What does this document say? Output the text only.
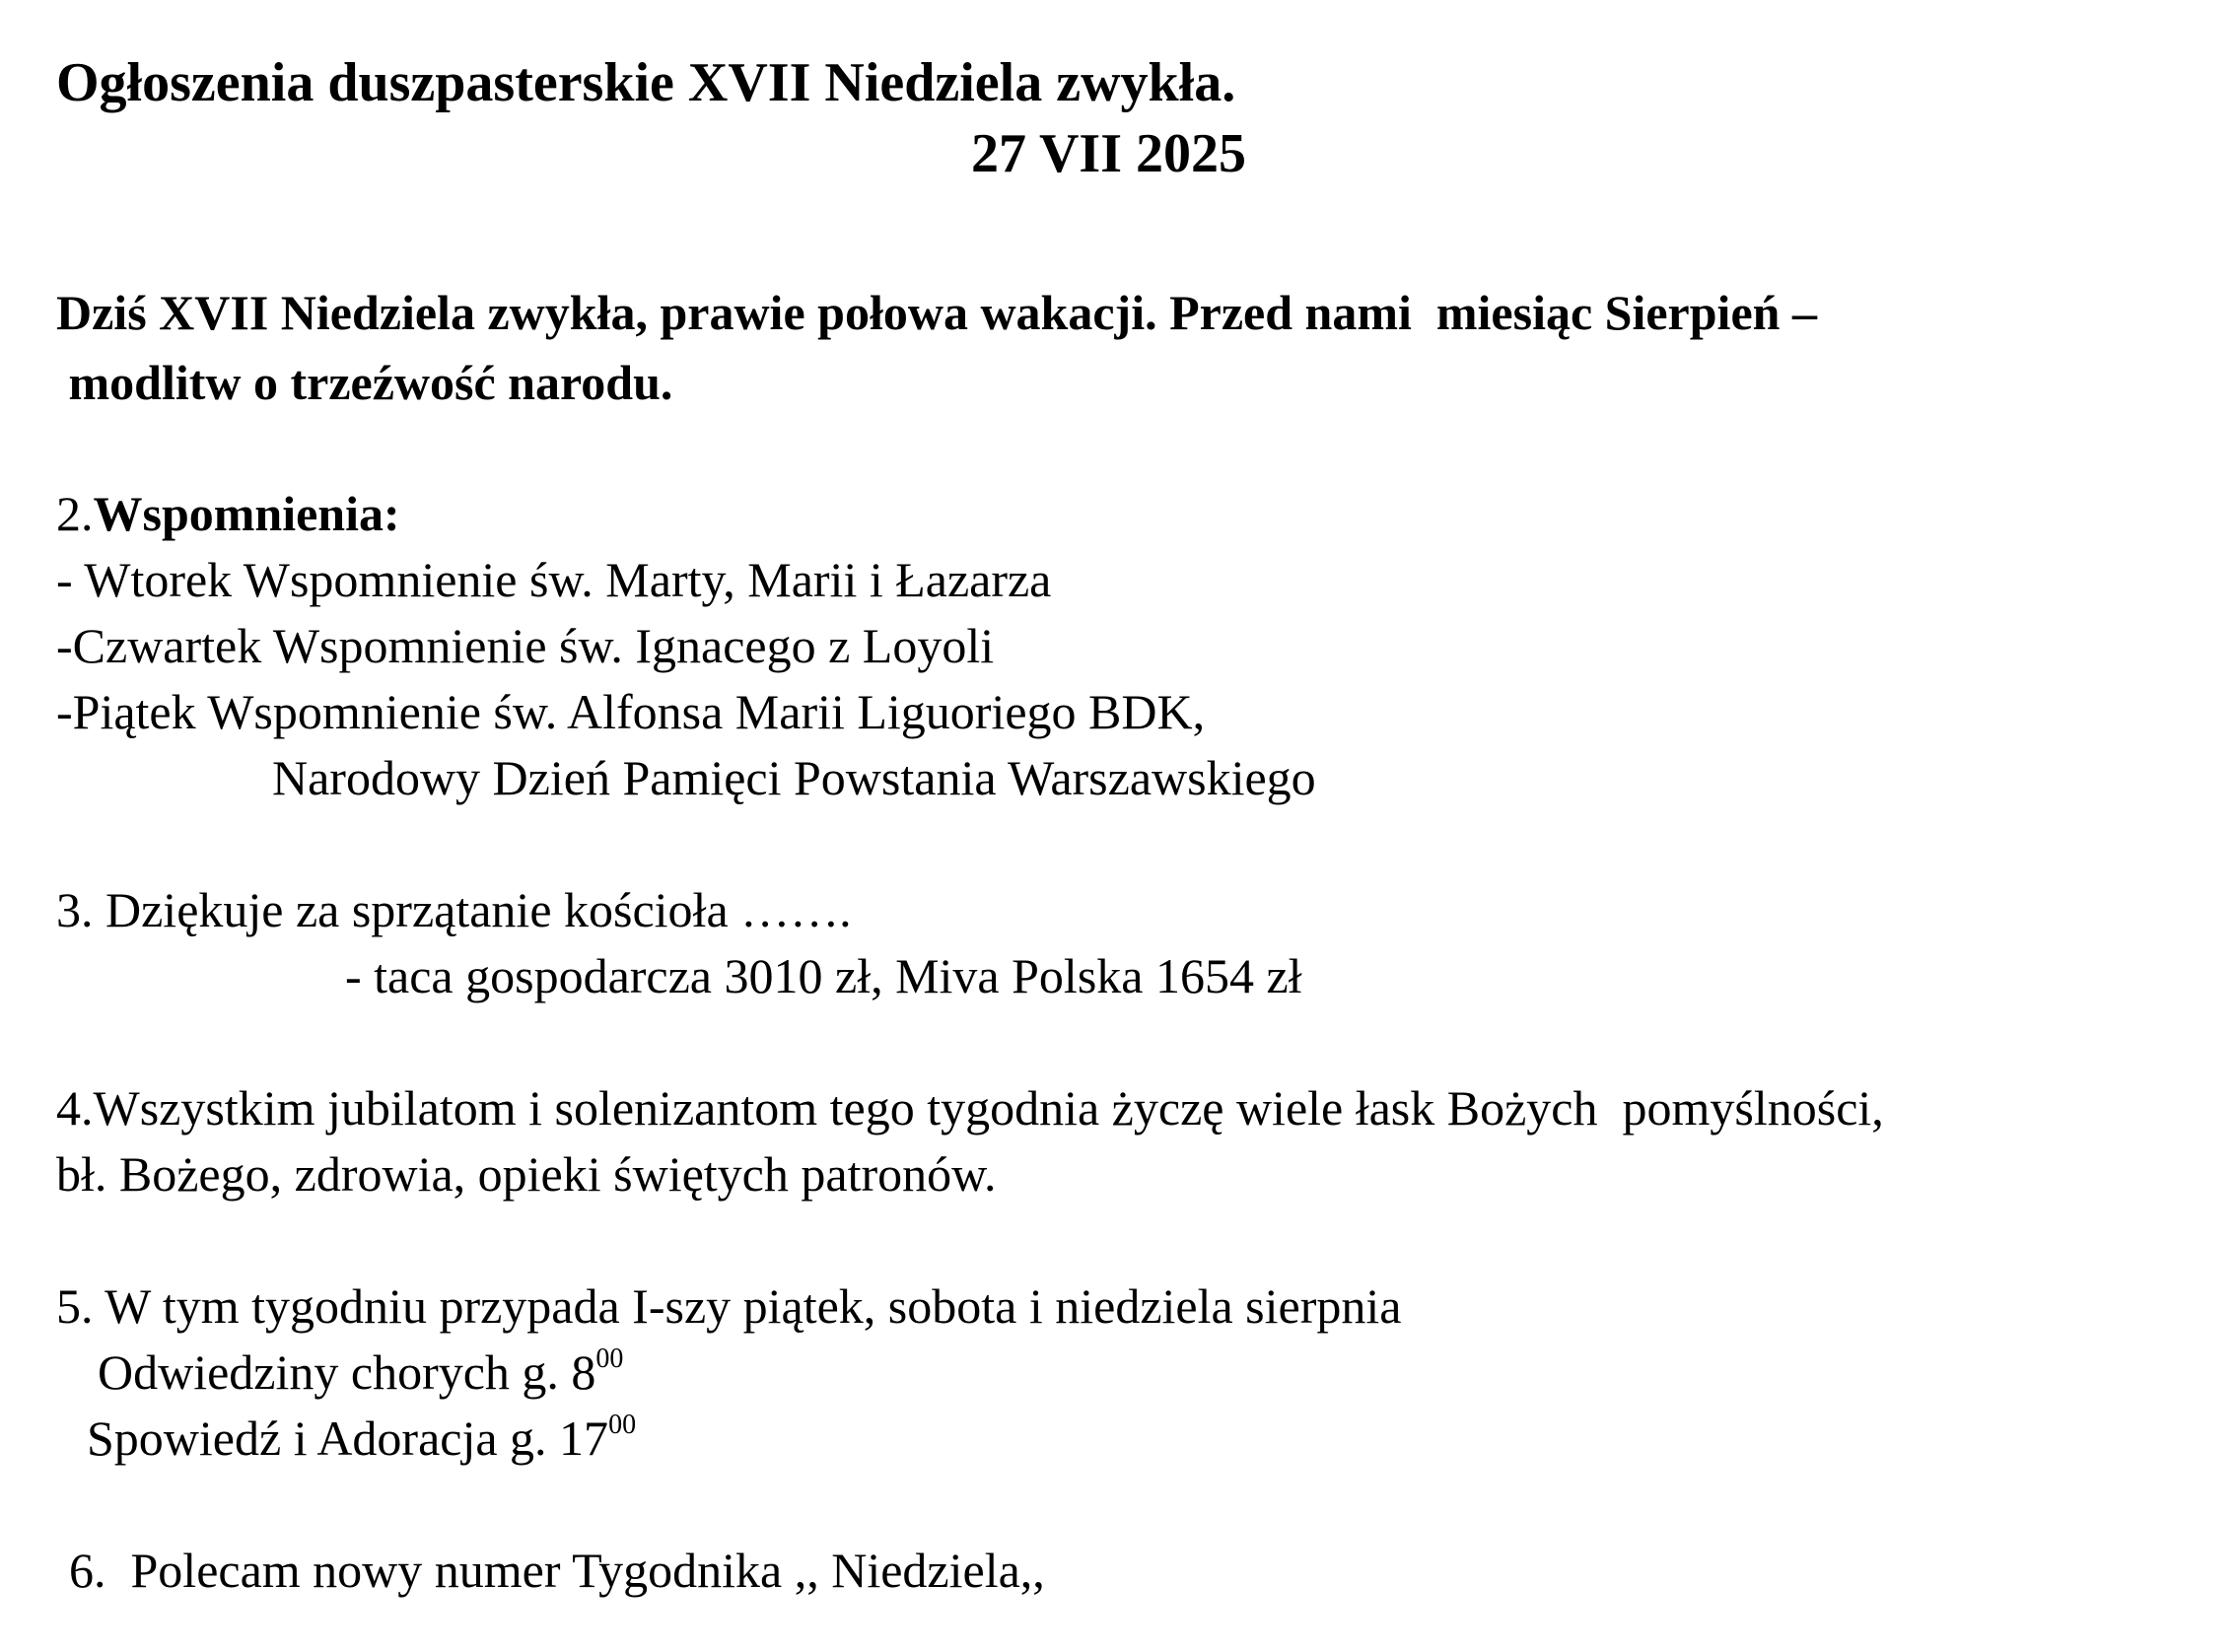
Ogłoszenia duszpasterskie XVII Niedziela zwykła.
27 VII 2025
Dziś XVII Niedziela zwykła, prawie połowa wakacji. Przed nami  miesiąc Sierpień –
modlitw o trzeźwość narodu.
2.Wspomnienia:
- Wtorek Wspomnienie św. Marty, Marii i Łazarza
-Czwartek Wspomnienie św. Ignacego z Loyoli
-Piątek Wspomnienie św. Alfonsa Marii Liguoriego BDK,
Narodowy Dzień Pamięci Powstania Warszawskiego
3. Dziękuje za sprzątanie kościoła …….
- taca gospodarcza 3010 zł, Miva Polska 1654 zł
4.Wszystkim jubilatom i solenizantom tego tygodnia życzę wiele łask Bożych  pomyślności,
bł. Bożego, zdrowia, opieki świętych patronów.
5. W tym tygodniu przypada I-szy piątek, sobota i niedziela sierpnia
Odwiedziny chorych g. $8^{00}$
Spowiedź i Adoracja g. $17^{00}$
6.  Polecam nowy numer Tygodnika ,, Niedziela,,
